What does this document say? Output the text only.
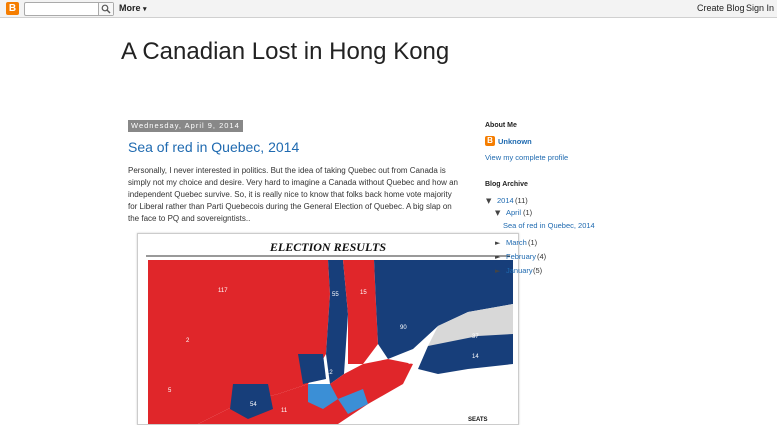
B	More ▾	Create Blog Sign In
A Canadian Lost in Hong Kong
Wednesday, April 9, 2014
Sea of red in Quebec, 2014
Personally, I never interested in politics. But the idea of taking Quebec out from Canada is simply not my choice and desire. Very hard to imagine a Canada without Quebec and how an independent Quebec survive. So, it is really nice to know that folks back home vote majority for Liberal rather than Parti Quebecois during the General Election of Quebec. A big slap on the face to PQ and sovereigntists..
ELECTION RESULTS
117
55	15
90
37
14
94
2
54
11
12
5
SEATS
About Me
B Unknown
View my complete profile
Blog Archive
▼ 2014 (11)
▼ April (1)
Sea of red in Quebec, 2014
► March (1)
► February (4)
► January (5)
